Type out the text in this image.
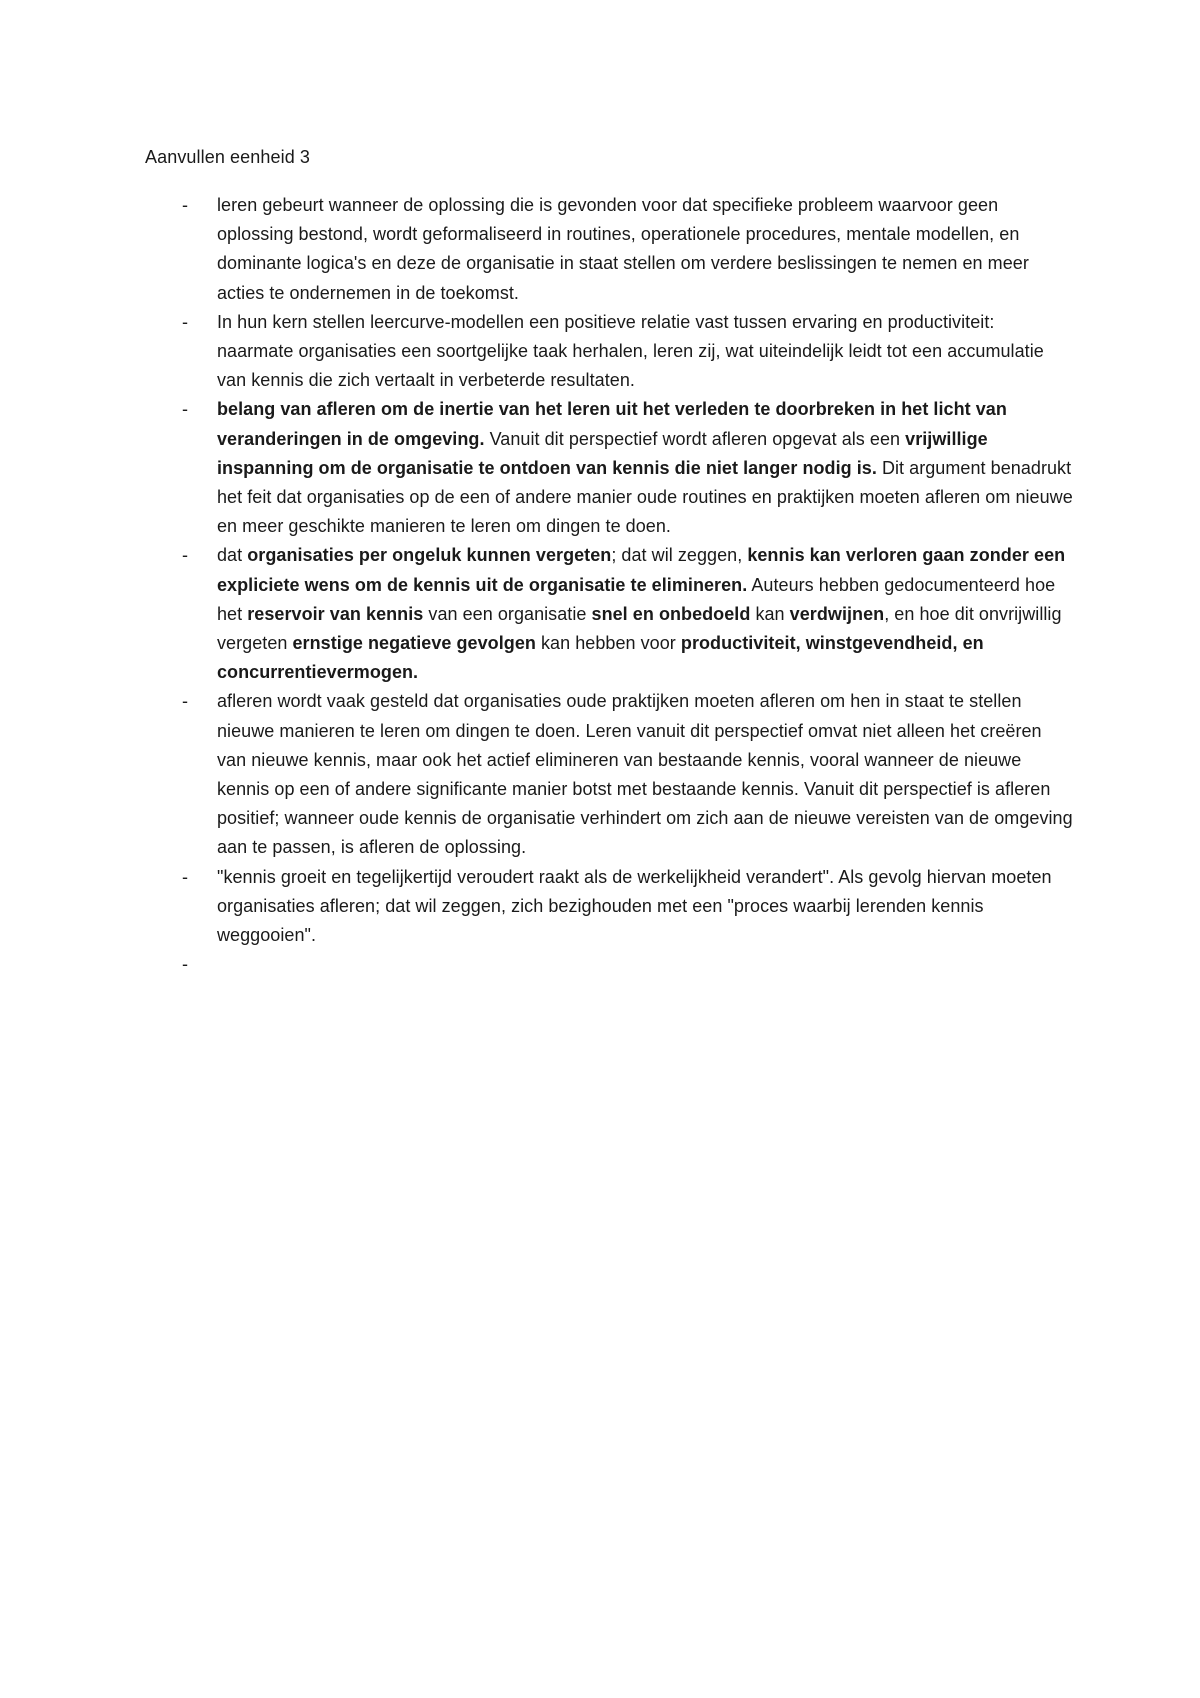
Aanvullen eenheid 3
- leren gebeurt wanneer de oplossing die is gevonden voor dat specifieke probleem waarvoor geen oplossing bestond, wordt geformaliseerd in routines, operationele procedures, mentale modellen, en dominante logica's en deze de organisatie in staat stellen om verdere beslissingen te nemen en meer acties te ondernemen in de toekomst.
- In hun kern stellen leercurve-modellen een positieve relatie vast tussen ervaring en productiviteit: naarmate organisaties een soortgelijke taak herhalen, leren zij, wat uiteindelijk leidt tot een accumulatie van kennis die zich vertaalt in verbeterde resultaten.
- belang van afleren om de inertie van het leren uit het verleden te doorbreken in het licht van veranderingen in de omgeving. Vanuit dit perspectief wordt afleren opgevat als een vrijwillige inspanning om de organisatie te ontdoen van kennis die niet langer nodig is. Dit argument benadrukt het feit dat organisaties op de een of andere manier oude routines en praktijken moeten afleren om nieuwe en meer geschikte manieren te leren om dingen te doen.
- dat organisaties per ongeluk kunnen vergeten; dat wil zeggen, kennis kan verloren gaan zonder een expliciete wens om de kennis uit de organisatie te elimineren. Auteurs hebben gedocumenteerd hoe het reservoir van kennis van een organisatie snel en onbedoeld kan verdwijnen, en hoe dit onvrijwillig vergeten ernstige negatieve gevolgen kan hebben voor productiviteit, winstgevendheid, en concurrentievermogen.
- afleren wordt vaak gesteld dat organisaties oude praktijken moeten afleren om hen in staat te stellen nieuwe manieren te leren om dingen te doen. Leren vanuit dit perspectief omvat niet alleen het creëren van nieuwe kennis, maar ook het actief elimineren van bestaande kennis, vooral wanneer de nieuwe kennis op een of andere significante manier botst met bestaande kennis. Vanuit dit perspectief is afleren positief; wanneer oude kennis de organisatie verhindert om zich aan de nieuwe vereisten van de omgeving aan te passen, is afleren de oplossing.
- "kennis groeit en tegelijkertijd veroudert raakt als de werkelijkheid verandert". Als gevolg hiervan moeten organisaties afleren; dat wil zeggen, zich bezighouden met een "proces waarbij lerenden kennis weggooien".
-
